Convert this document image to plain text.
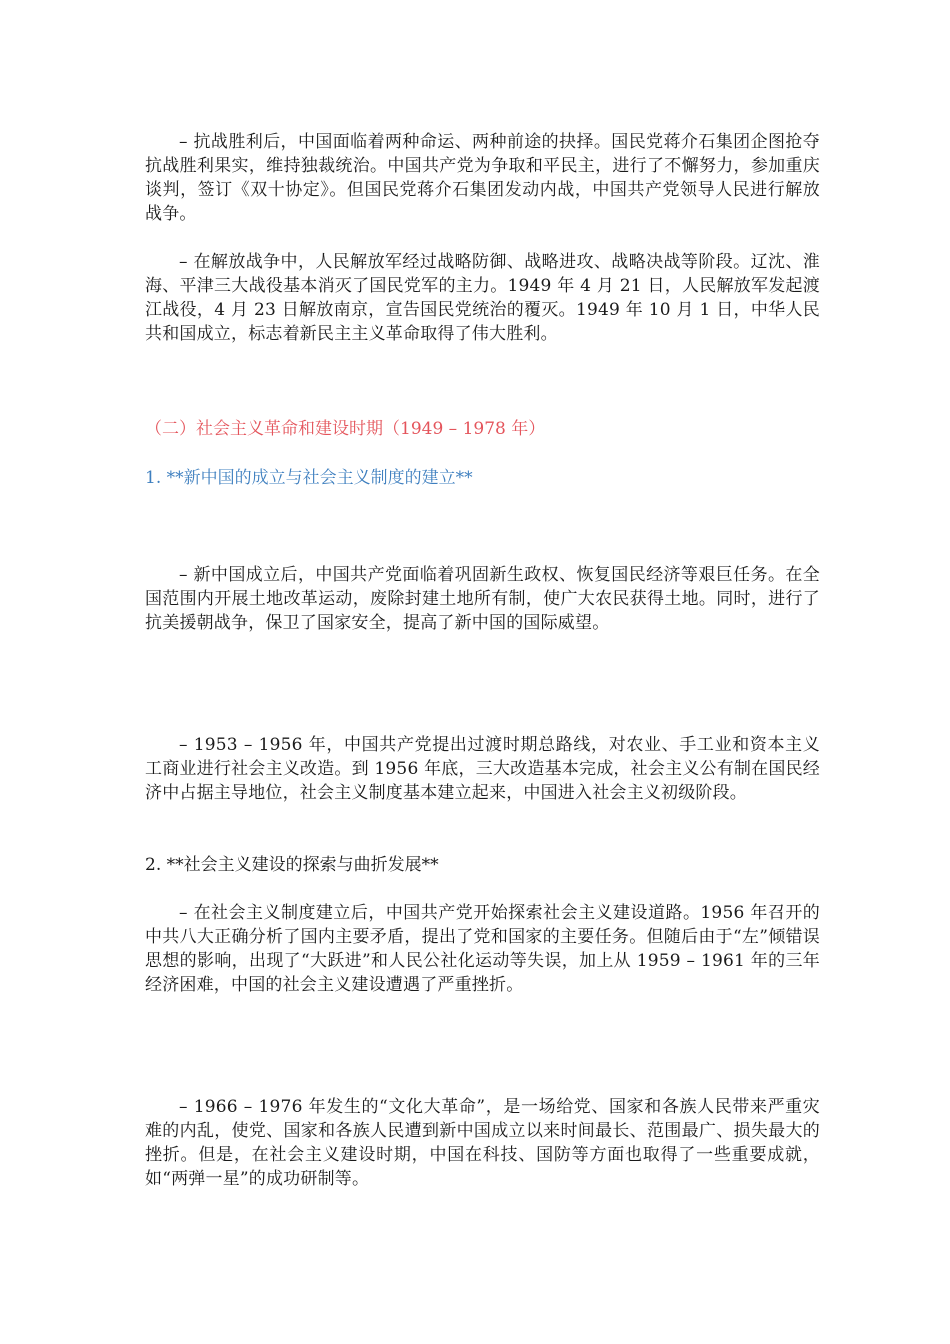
– 抗战胜利后，中国面临着两种命运、两种前途的抉择。国民党蒋介石集团企图抢夺抗战胜利果实，维持独裁统治。中国共产党为争取和平民主，进行了不懈努力，参加重庆谈判，签订《双十协定》。但国民党蒋介石集团发动内战，中国共产党领导人民进行解放战争。

– 在解放战争中，人民解放军经过战略防御、战略进攻、战略决战等阶段。辽沈、淮海、平津三大战役基本消灭了国民党军的主力。1949 年 4 月 21 日，人民解放军发起渡江战役，4 月 23 日解放南京，宣告国民党统治的覆灭。1949 年 10 月 1 日，中华人民共和国成立，标志着新民主主义革命取得了伟大胜利。

（二）社会主义革命和建设时期（1949 – 1978 年）

1. **新中国的成立与社会主义制度的建立**

– 新中国成立后，中国共产党面临着巩固新生政权、恢复国民经济等艰巨任务。在全国范围内开展土地改革运动，废除封建土地所有制，使广大农民获得土地。同时，进行了抗美援朝战争，保卫了国家安全，提高了新中国的国际威望。

– 1953 – 1956 年，中国共产党提出过渡时期总路线，对农业、手工业和资本主义工商业进行社会主义改造。到 1956 年底，三大改造基本完成，社会主义公有制在国民经济中占据主导地位，社会主义制度基本建立起来，中国进入社会主义初级阶段。

2. **社会主义建设的探索与曲折发展**

– 在社会主义制度建立后，中国共产党开始探索社会主义建设道路。1956 年召开的中共八大正确分析了国内主要矛盾，提出了党和国家的主要任务。但随后由于“左”倾错误思想的影响，出现了“大跃进”和人民公社化运动等失误，加上从 1959 – 1961 年的三年经济困难，中国的社会主义建设遭遇了严重挫折。

– 1966 – 1976 年发生的“文化大革命”，是一场给党、国家和各族人民带来严重灾难的内乱，使党、国家和各族人民遭到新中国成立以来时间最长、范围最广、损失最大的挫折。但是，在社会主义建设时期，中国在科技、国防等方面也取得了一些重要成就，如“两弹一星”的成功研制等。
